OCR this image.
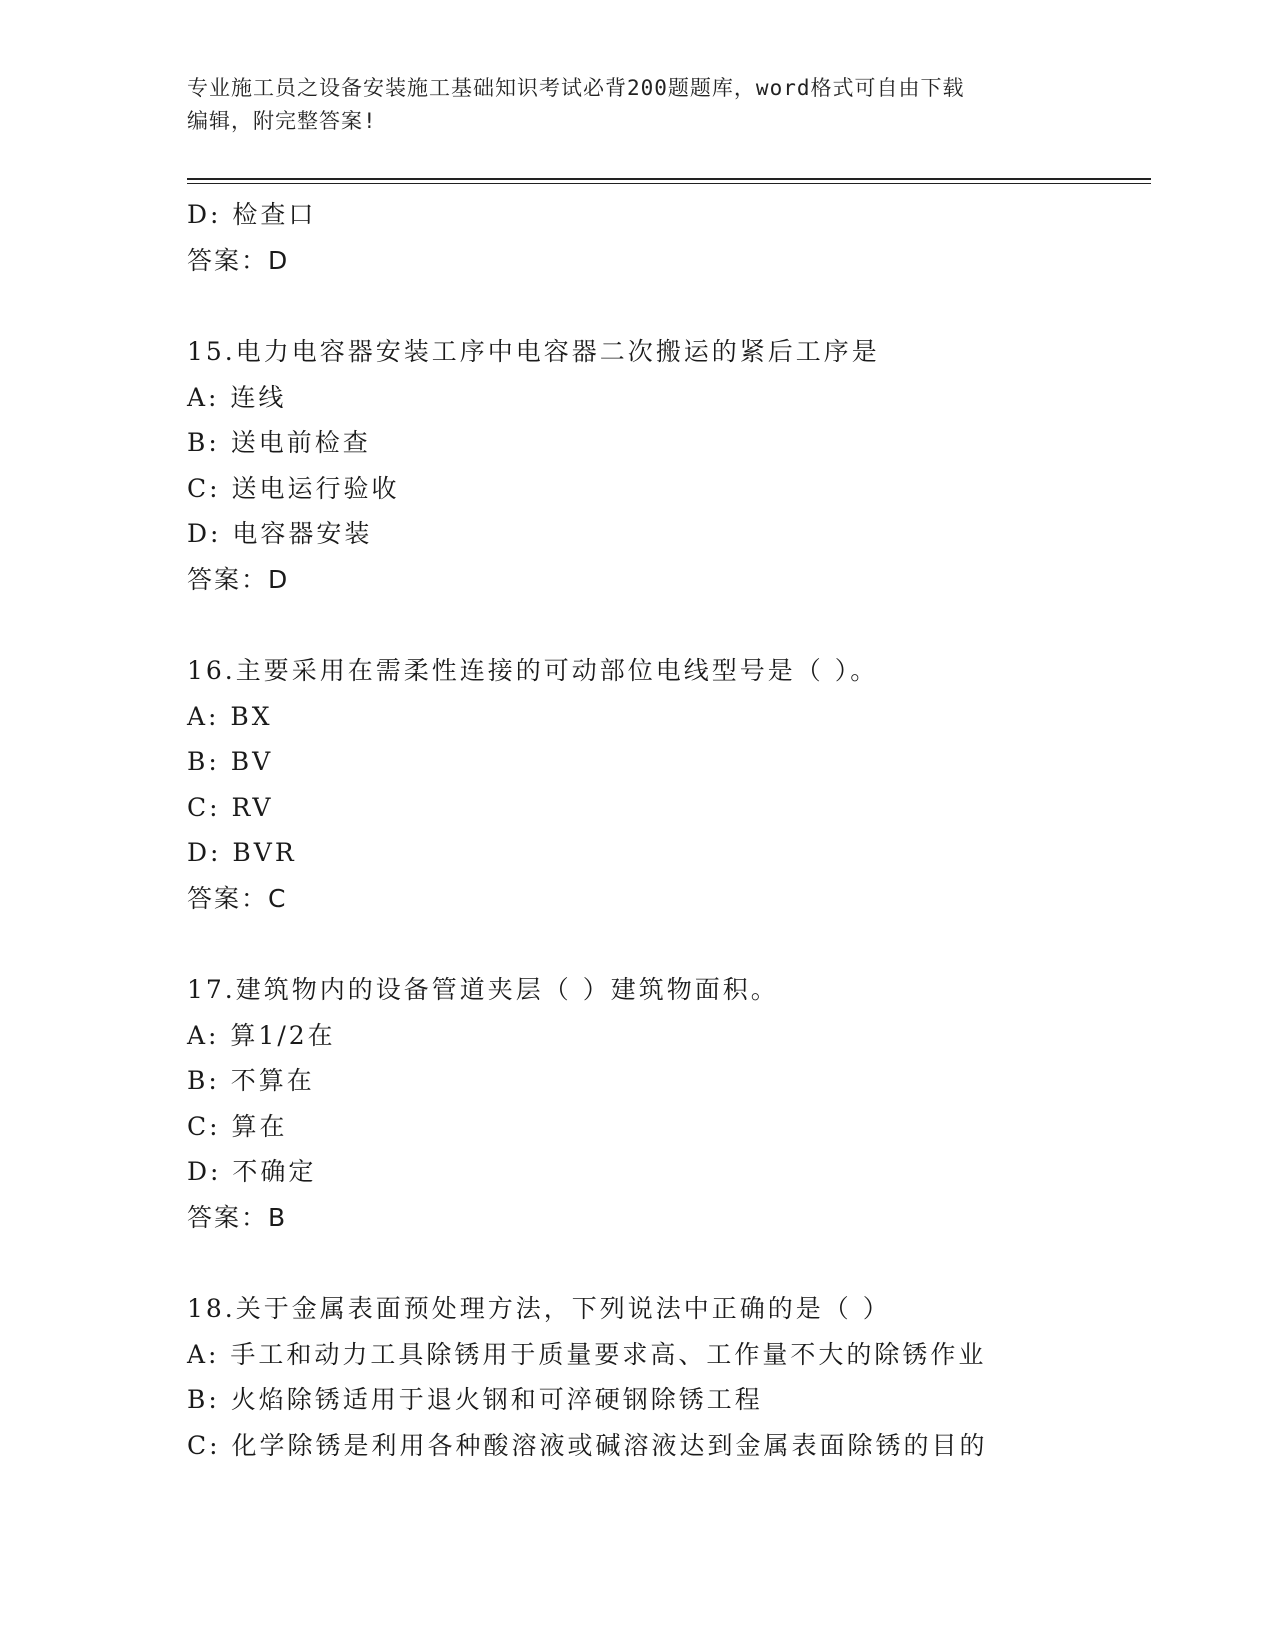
专业施工员之设备安装施工基础知识考试必背200题题库，word格式可自由下载
编辑，附完整答案!
D: 检查口
答案：D
15.电力电容器安装工序中电容器二次搬运的紧后工序是
A: 连线
B: 送电前检查
C: 送电运行验收
D: 电容器安装
答案：D
16.主要采用在需柔性连接的可动部位电线型号是（ ）。
A: BX
B: BV
C: RV
D: BVR
答案：C
17.建筑物内的设备管道夹层（ ）建筑物面积。
A: 算1/2在
B: 不算在
C: 算在
D: 不确定
答案：B
18.关于金属表面预处理方法，下列说法中正确的是（ ）
A: 手工和动力工具除锈用于质量要求高、工作量不大的除锈作业
B: 火焰除锈适用于退火钢和可淬硬钢除锈工程
C: 化学除锈是利用各种酸溶液或碱溶液达到金属表面除锈的目的
